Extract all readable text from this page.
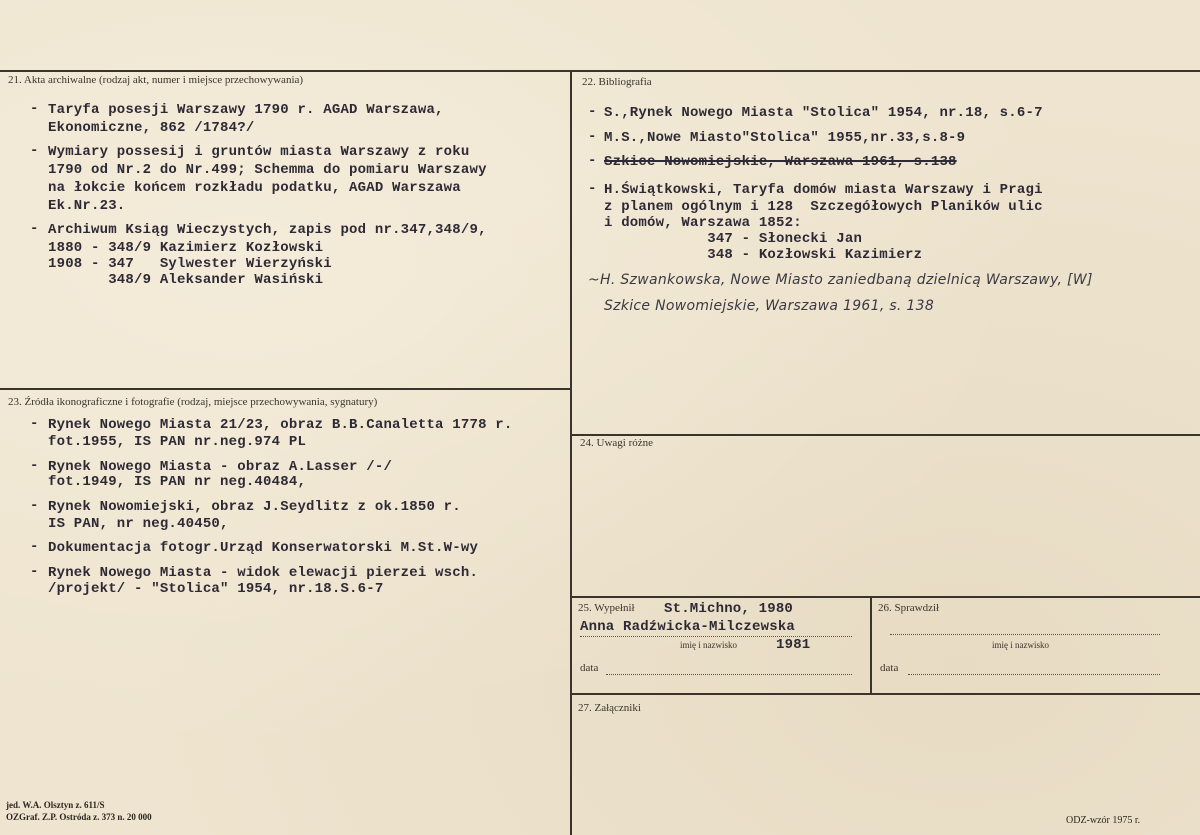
21. Akta archiwalne (rodzaj akt, numer i miejsce przechowywania)
- Taryfa posesji Warszawy 1790 r. AGAD Warszawa,
Ekonomiczne, 862 /1784?/
- Wymiary possesij i gruntów miasta Warszawy z roku
1790 od Nr.2 do Nr.499; Schemma do pomiaru Warszawy
na łokcie końcem rozkładu podatku, AGAD Warszawa
Ek.Nr.23.
- Archiwum Ksiąg Wieczystych, zapis pod nr.347,348/9,
1880 - 348/9 Kazimierz Kozłowski
1908 - 347   Sylwester Wierzyński
348/9 Aleksander Wasiński
22. Bibliografia
- S.,Rynek Nowego Miasta "Stolica" 1954, nr.18, s.6-7
- M.S.,Nowe Miasto"Stolica" 1955,nr.33,s.8-9
- Szkice Nowomiejskie, Warszawa 1961, s.138
- H.Świątkowski, Taryfa domów miasta Warszawy i Pragi
z planem ogólnym i 128  Szczegółowych Planików ulic
i domów, Warszawa 1852:
347 - Słonecki Jan
348 - Kozłowski Kazimierz
~H. Szwankowska, Nowe Miasto zaniedbaną dzielnicą Warszawy, [W]
Szkice Nowomiejskie, Warszawa 1961, s. 138
23. Źródła ikonograficzne i fotografie (rodzaj, miejsce przechowywania, sygnatury)
- Rynek Nowego Miasta 21/23, obraz B.B.Canaletta 1778 r.
fot.1955, IS PAN nr.neg.974 PL
- Rynek Nowego Miasta - obraz A.Lasser /-/
fot.1949, IS PAN nr neg.40484,
- Rynek Nowomiejski, obraz J.Seydlitz z ok.1850 r.
IS PAN, nr neg.40450,
- Dokumentacja fotogr.Urząd Konserwatorski M.St.W-wy
- Rynek Nowego Miasta - widok elewacji pierzei wsch.
/projekt/ - "Stolica" 1954, nr.18.S.6-7
24. Uwagi różne
25. Wypełnił St.Michno, 1980
Anna Radźwicka-Milczewska
imię i nazwisko	1981
data
26. Sprawdził
imię i nazwisko
data
27. Załączniki
jed. W.A. Olsztyn z. 611/S
OZGraf. Z.P. Ostróda z. 373 n. 20 000	ODZ-wzór 1975 r.
